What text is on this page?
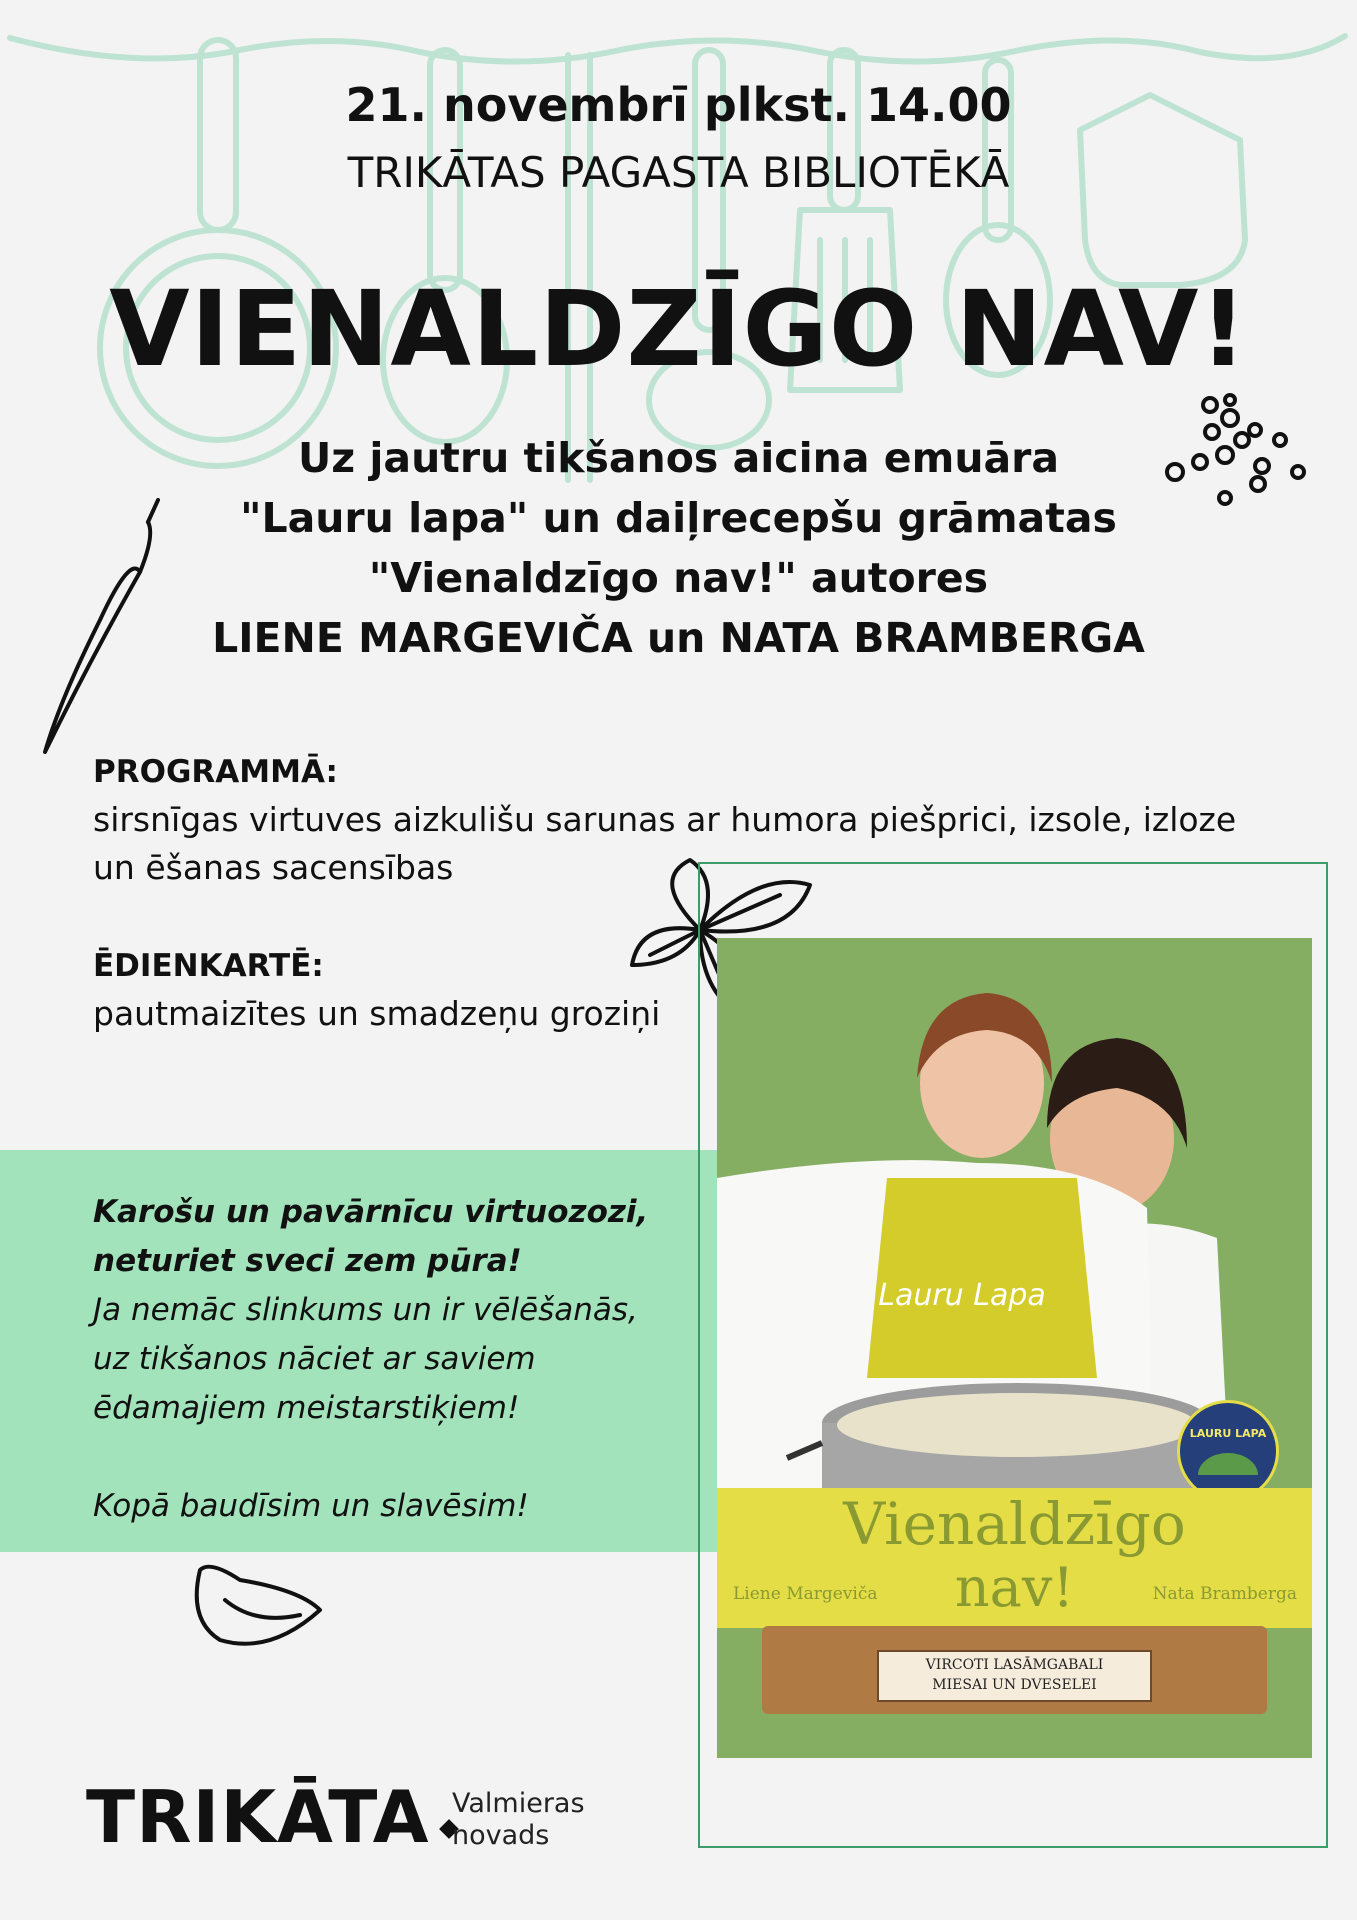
21. novembrī plkst. 14.00
TRIKĀTAS PAGASTA BIBLIOTĒKĀ
VIENALDZĪGO NAV!
Uz jautru tikšanos aicina emuāra
"Lauru lapa" un daiļrecepšu grāmatas
"Vienaldzīgo nav!" autores
LIENE MARGEVIČA un NATA BRAMBERGA
PROGRAMMĀ:
sirsnīgas virtuves aizkulišu sarunas ar humora piešprici, izsole, izloze
un ēšanas sacensības
ĒDIENKARTĒ:
pautmaizītes un smadzeņu groziņi
Karošu un pavārnīcu virtuozozi,
neturiet sveci zem pūra!
Ja nemāc slinkums un ir vēlēšanās,
uz tikšanos nāciet ar saviem
ēdamajiem meistarstiķiem!
Kopā baudīsim un slavēsim!
Lauru Lapa
LAURU LAPA
Vienaldzīgo
nav!
Liene Margeviča	Nata Bramberga
VIRCOTI LASĀMGABALI
MIESAI UN DVESELEI
TRIKĀTA Valmieras
novads
